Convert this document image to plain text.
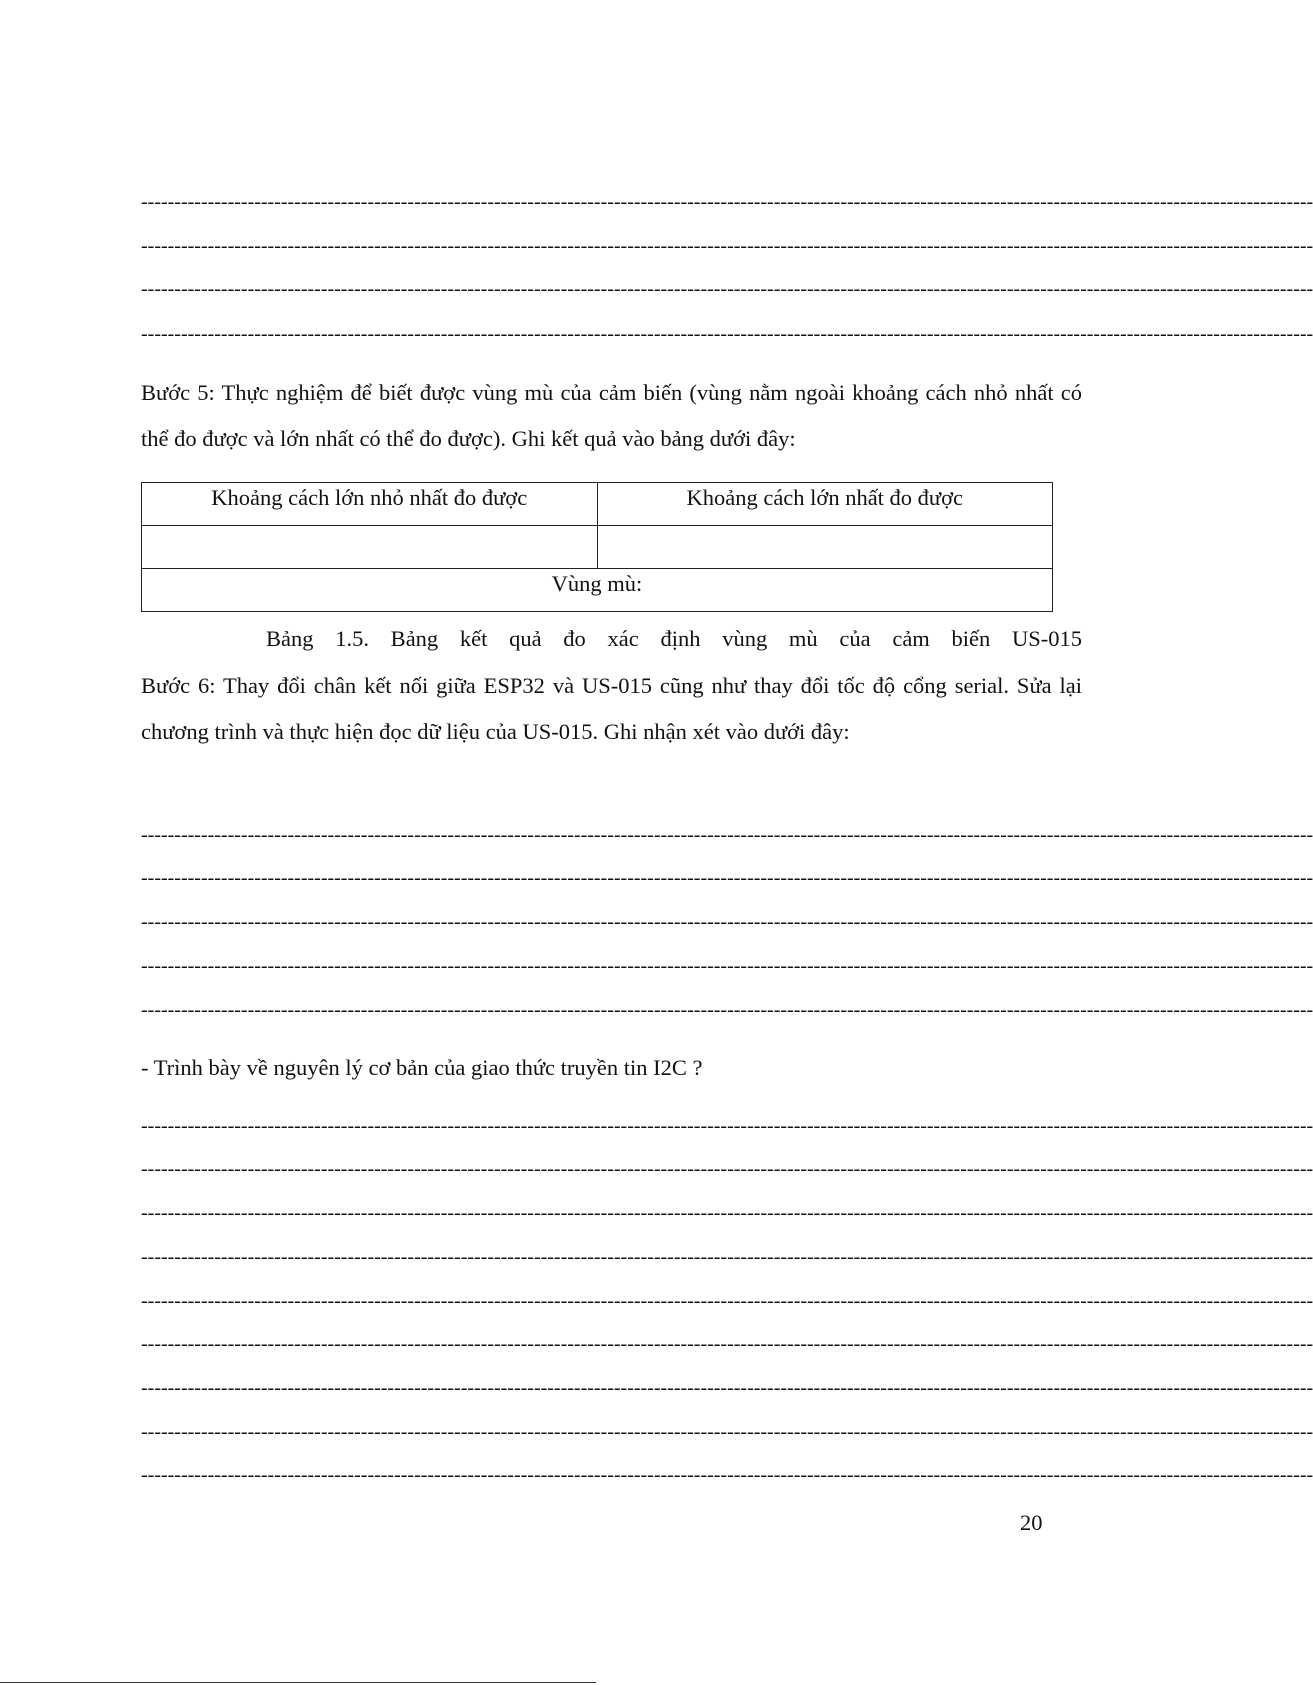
--------------------------------------------------------------------------------------------------------------------------------------------------------------------------------
--------------------------------------------------------------------------------------------------------------------------------------------------------------------------------
--------------------------------------------------------------------------------------------------------------------------------------------------------------------------------
--------------------------------------------------------------------------------------------------------------------------------------------------------------------------------
Bước 5: Thực nghiệm để biết được vùng mù của cảm biến (vùng nằm ngoài khoảng cách nhỏ nhất có thể đo được và lớn nhất có thể đo được). Ghi kết quả vào bảng dưới đây:
Khoảng cách lớn nhỏ nhất đo được	Khoảng cách lớn nhất đo được

Vùng mù:	
Bảng 1.5. Bảng kết quả đo xác định vùng mù của cảm biến US-015
Bước 6: Thay đổi chân kết nối giữa ESP32 và US-015 cũng như thay đổi tốc độ cổng serial. Sửa lại chương trình và thực hiện đọc dữ liệu của US-015. Ghi nhận xét vào dưới đây:
--------------------------------------------------------------------------------------------------------------------------------------------------------------------------------
--------------------------------------------------------------------------------------------------------------------------------------------------------------------------------
--------------------------------------------------------------------------------------------------------------------------------------------------------------------------------
--------------------------------------------------------------------------------------------------------------------------------------------------------------------------------
--------------------------------------------------------------------------------------------------------------------------------------------------------------------------------
- Trình bày về nguyên lý cơ bản của giao thức truyền tin I2C ?
--------------------------------------------------------------------------------------------------------------------------------------------------------------------------------
--------------------------------------------------------------------------------------------------------------------------------------------------------------------------------
--------------------------------------------------------------------------------------------------------------------------------------------------------------------------------
--------------------------------------------------------------------------------------------------------------------------------------------------------------------------------
--------------------------------------------------------------------------------------------------------------------------------------------------------------------------------
--------------------------------------------------------------------------------------------------------------------------------------------------------------------------------
--------------------------------------------------------------------------------------------------------------------------------------------------------------------------------
--------------------------------------------------------------------------------------------------------------------------------------------------------------------------------
--------------------------------------------------------------------------------------------------------------------------------------------------------------------------------
20
